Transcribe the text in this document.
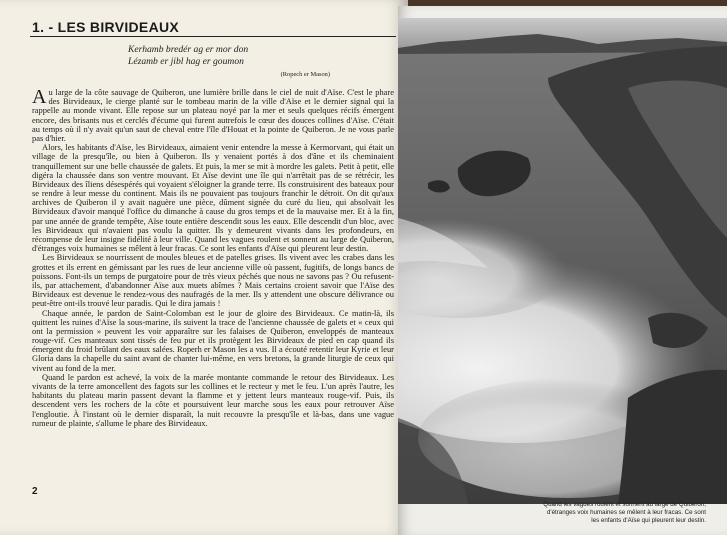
1. - LES BIRVIDEAUX
Kerhamb bredér ag er mor don
Lézamb er jibl hag er goumon
(Ropech er Mason)

Au large de la côte sauvage de Quiberon, une lumière brille dans le ciel de nuit d'Aïse. C'est le phare des Birvideaux, le cierge planté sur le tombeau marin de la ville d'Aïse et le dernier signal qui la rappelle au monde vivant. Elle repose sur un plateau noyé par la mer et seuls quelques récifs émergent encore, des brisants nus et cerclés d'écume qui furent autrefois le cœur des douces collines d'Aïse. C'était au temps où il n'y avait qu'un saut de cheval entre l'île d'Houat et la pointe de Quiberon. Je ne vous parle pas d'hier.

Alors, les habitants d'Aïse, les Birvideaux, aimaient venir entendre la messe à Kermorvant, qui était un village de la presqu'île, ou bien à Quiberon. Ils y venaient portés à dos d'âne et ils cheminaient tranquillement sur une belle chaussée de galets. Et puis, la mer se mit à mordre les galets. Petit à petit, elle digéra la chaussée dans son ventre mouvant. Et Aïse devint une île qui n'arrêtait pas de se rétrécir, les Birvideaux des îliens désespérés qui voyaient s'éloigner la grande terre. Ils construisirent des bateaux pour se rendre à leur messe du continent. Mais ils ne pouvaient pas toujours franchir le détroit. On dit qu'aux archives de Quiberon il y avait naguère une pièce, dûment signée du curé du lieu, qui absolvait les Birvideaux d'avoir manqué l'office du dimanche à cause du gros temps et de la mauvaise mer. Et à la fin, par une année de grande tempête, Aïse toute entière descendit sous les eaux. Elle descendit d'un bloc, avec les Birvideaux qui n'avaient pas voulu la quitter. Ils y demeurent vivants dans les profondeurs, en récompense de leur insigne fidélité à leur ville. Quand les vagues roulent et sonnent au large de Quiberon, d'étranges voix humaines se mêlent à leur fracas. Ce sont les enfants d'Aïse qui pleurent leur destin.

Les Birvideaux se nourrissent de moules bleues et de patelles grises. Ils vivent avec les crabes dans les grottes et ils errent en gémissant par les rues de leur ancienne ville où passent, fugitifs, de longs bancs de poissons. Font-ils un temps de purgatoire pour de très vieux péchés que nous ne savons pas ? Ou refusent-ils, par attachement, d'abandonner Aïse aux muets abîmes ? Mais certains croient savoir que l'Aïse des Birvideaux est devenue le rendez-vous des naufragés de la mer. Ils y attendent une obscure délivrance ou peut-être ont-ils trouvé leur paradis. Qui le dira jamais !

Chaque année, le pardon de Saint-Colomban est le jour de gloire des Birvideaux. Ce matin-là, ils quittent les ruines d'Aïse la sous-marine, ils suivent la trace de l'ancienne chaussée de galets et « ceux qui ont la permission » peuvent les voir apparaître sur les falaises de Quiberon, enveloppés de manteaux rouge-vif. Ces manteaux sont tissés de feu pur et ils protègent les Birvideaux de pied en cap quand ils émergent du froid brûlant des eaux salées. Roperh er Mason les a vus. Il a écouté retentir leur Kyrie et leur Gloria dans la chapelle du saint avant de chanter lui-même, en vers bretons, la grande liturgie de ceux qui vivent au fond de la mer.

Quand le pardon est achevé, la voix de la marée montante commande le retour des Birvideaux. Les vivants de la terre amoncellent des fagots sur les collines et le recteur y met le feu. L'un après l'autre, les habitants du plateau marin passent devant la flamme et y jettent leurs manteaux rouge-vif. Puis, ils descendent vers les rochers de la côte et poursuivent leur marche sous les eaux pour retrouver Aïse l'engloutie. À l'instant où le dernier disparaît, la nuit recouvre la presqu'île et là-bas, dans une vague rumeur de plainte, s'allume le phare des Birvideaux.

2
Quand les vagues roulent et sonnent au large de Quiberon,
d'étranges voix humaines se mêlent à leur fracas. Ce sont
les enfants d'Aïse qui pleurent leur destin.
